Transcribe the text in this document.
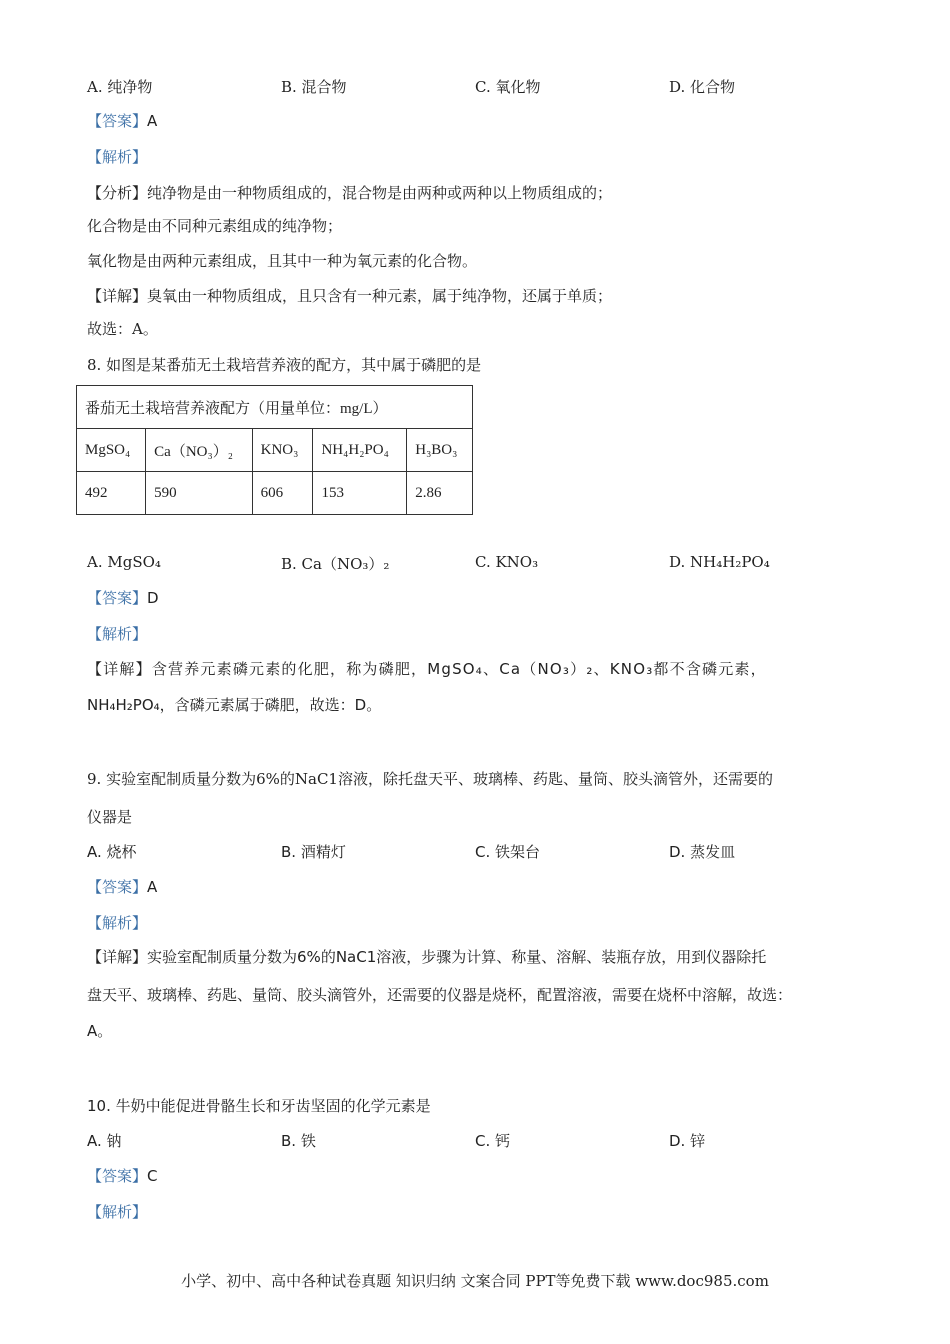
A. 纯净物	B. 混合物	C. 氧化物	D. 化合物
【答案】A
【解析】
【分析】纯净物是由一种物质组成的，混合物是由两种或两种以上物质组成的；
化合物是由不同种元素组成的纯净物；
氧化物是由两种元素组成，且其中一种为氧元素的化合物。
【详解】臭氧由一种物质组成，且只含有一种元素，属于纯净物，还属于单质；
故选：A。
8. 如图是某番茄无土栽培营养液的配方，其中属于磷肥的是
番茄无土栽培营养液配方（用量单位：mg/L）				
MgSO₄	Ca（NO₃）₂	KNO₃	NH₄H₂PO₄	H₃BO₃
492	590	606	153	2.86
A. MgSO₄	B. Ca（NO₃）₂	C. KNO₃	D. NH₄H₂PO₄
【答案】D
【解析】
【详解】含营养元素磷元素的化肥，称为磷肥，MgSO₄、Ca（NO₃）₂、KNO₃都不含磷元素，
NH₄H₂PO₄，含磷元素属于磷肥，故选：D。
9. 实验室配制质量分数为6%的NaC1溶液，除托盘天平、玻璃棒、药匙、量筒、胶头滴管外，还需要的
仪器是
A. 烧杯	B. 酒精灯	C. 铁架台	D. 蒸发皿
【答案】A
【解析】
【详解】实验室配制质量分数为6%的NaC1溶液，步骤为计算、称量、溶解、装瓶存放，用到仪器除托
盘天平、玻璃棒、药匙、量筒、胶头滴管外，还需要的仪器是烧杯，配置溶液，需要在烧杯中溶解，故选：
A。
10. 牛奶中能促进骨骼生长和牙齿坚固的化学元素是
A. 钠	B. 铁	C. 钙	D. 锌
【答案】C
【解析】
小学、初中、高中各种试卷真题 知识归纳 文案合同 PPT等免费下载 www.doc985.com
